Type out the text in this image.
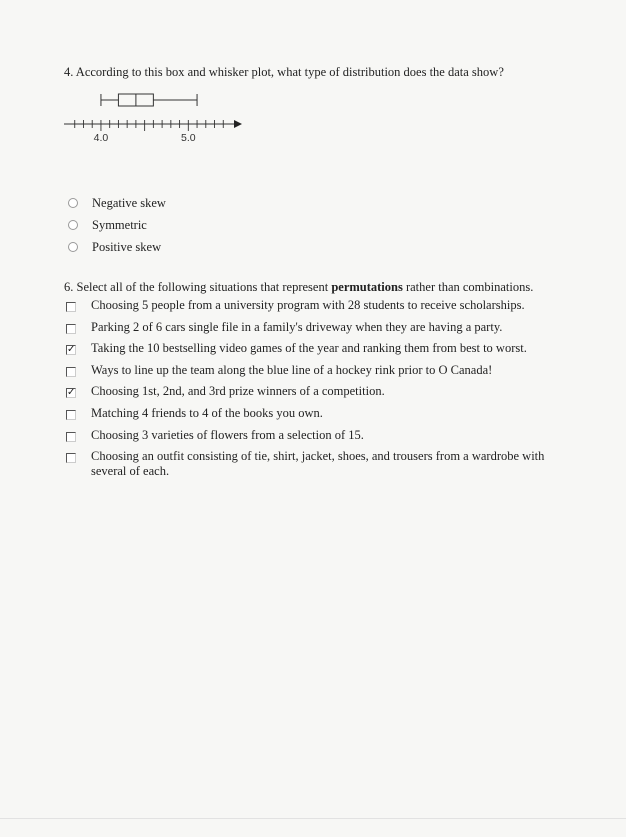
4. According to this box and whisker plot, what type of distribution does the data show?
4.0	5.0
Negative skew
Symmetric
Positive skew
6. Select all of the following situations that represent permutations rather than combinations.
Choosing 5 people from a university program with 28 students to receive scholarships.
Parking 2 of 6 cars single file in a family's driveway when they are having a party.
✓
Taking the 10 bestselling video games of the year and ranking them from best to worst.
Ways to line up the team along the blue line of a hockey rink prior to O Canada!
✓
Choosing 1st, 2nd, and 3rd prize winners of a competition.
Matching 4 friends to 4 of the books you own.
Choosing 3 varieties of flowers from a selection of 15.
Choosing an outfit consisting of tie, shirt, jacket, shoes, and trousers from a wardrobe with several of each.
